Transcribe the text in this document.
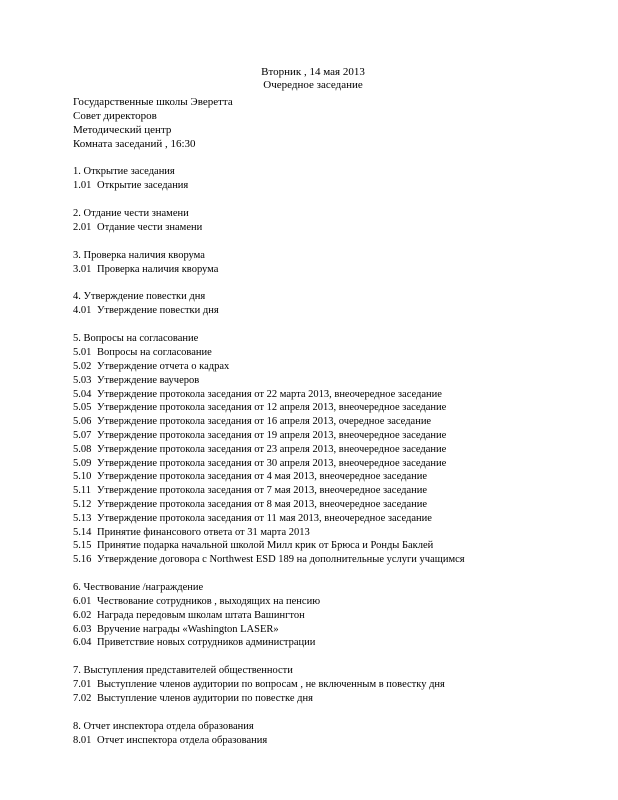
Вторник , 14 мая 2013
Очередное заседание
Государственные школы Эверетта
Совет директоров
Методический центр
Комната заседаний , 16:30
1. Открытие заседания
1.01 Открытие заседания
2. Отдание чести знамени
2.01 Отдание чести знамени
3. Проверка наличия кворума
3.01 Проверка наличия кворума
4. Утверждение повестки дня
4.01 Утверждение повестки дня
5. Вопросы на согласование
5.01 Вопросы на согласование
5.02 Утверждение отчета о кадрах
5.03 Утверждение ваучеров
5.04 Утверждение протокола заседания от 22 марта 2013, внеочередное заседание
5.05 Утверждение протокола заседания от 12 апреля 2013, внеочередное заседание
5.06 Утверждение протокола заседания от 16 апреля 2013, очередное заседание
5.07 Утверждение протокола заседания от 19 апреля 2013, внеочередное заседание
5.08 Утверждение протокола заседания от 23 апреля 2013, внеочередное заседание
5.09 Утверждение протокола заседания от 30 апреля 2013, внеочередное заседание
5.10 Утверждение протокола заседания от 4 мая 2013, внеочередное заседание
5.11 Утверждение протокола заседания от 7 мая 2013, внеочередное заседание
5.12 Утверждение протокола заседания от 8 мая 2013, внеочередное заседание
5.13 Утверждение протокола заседания от 11 мая 2013, внеочередное заседание
5.14 Принятие финансового ответа от 31 марта 2013
5.15 Принятие подарка начальной школой Милл крик от Брюса и Ронды Баклей
5.16 Утверждение договора с Northwest ESD 189 на дополнительные услуги учащимся
6. Чествование /награждение
6.01 Чествование сотрудников , выходящих на пенсию
6.02 Награда передовым школам штата Вашингтон
6.03 Вручение награды «Washington LASER»
6.04 Приветствие новых сотрудников администрации
7. Выступления представителей общественности
7.01 Выступление членов аудитории по вопросам , не включенным в повестку дня
7.02 Выступление членов аудитории по повестке дня
8. Отчет инспектора отдела образования
8.01 Отчет инспектора отдела образования
